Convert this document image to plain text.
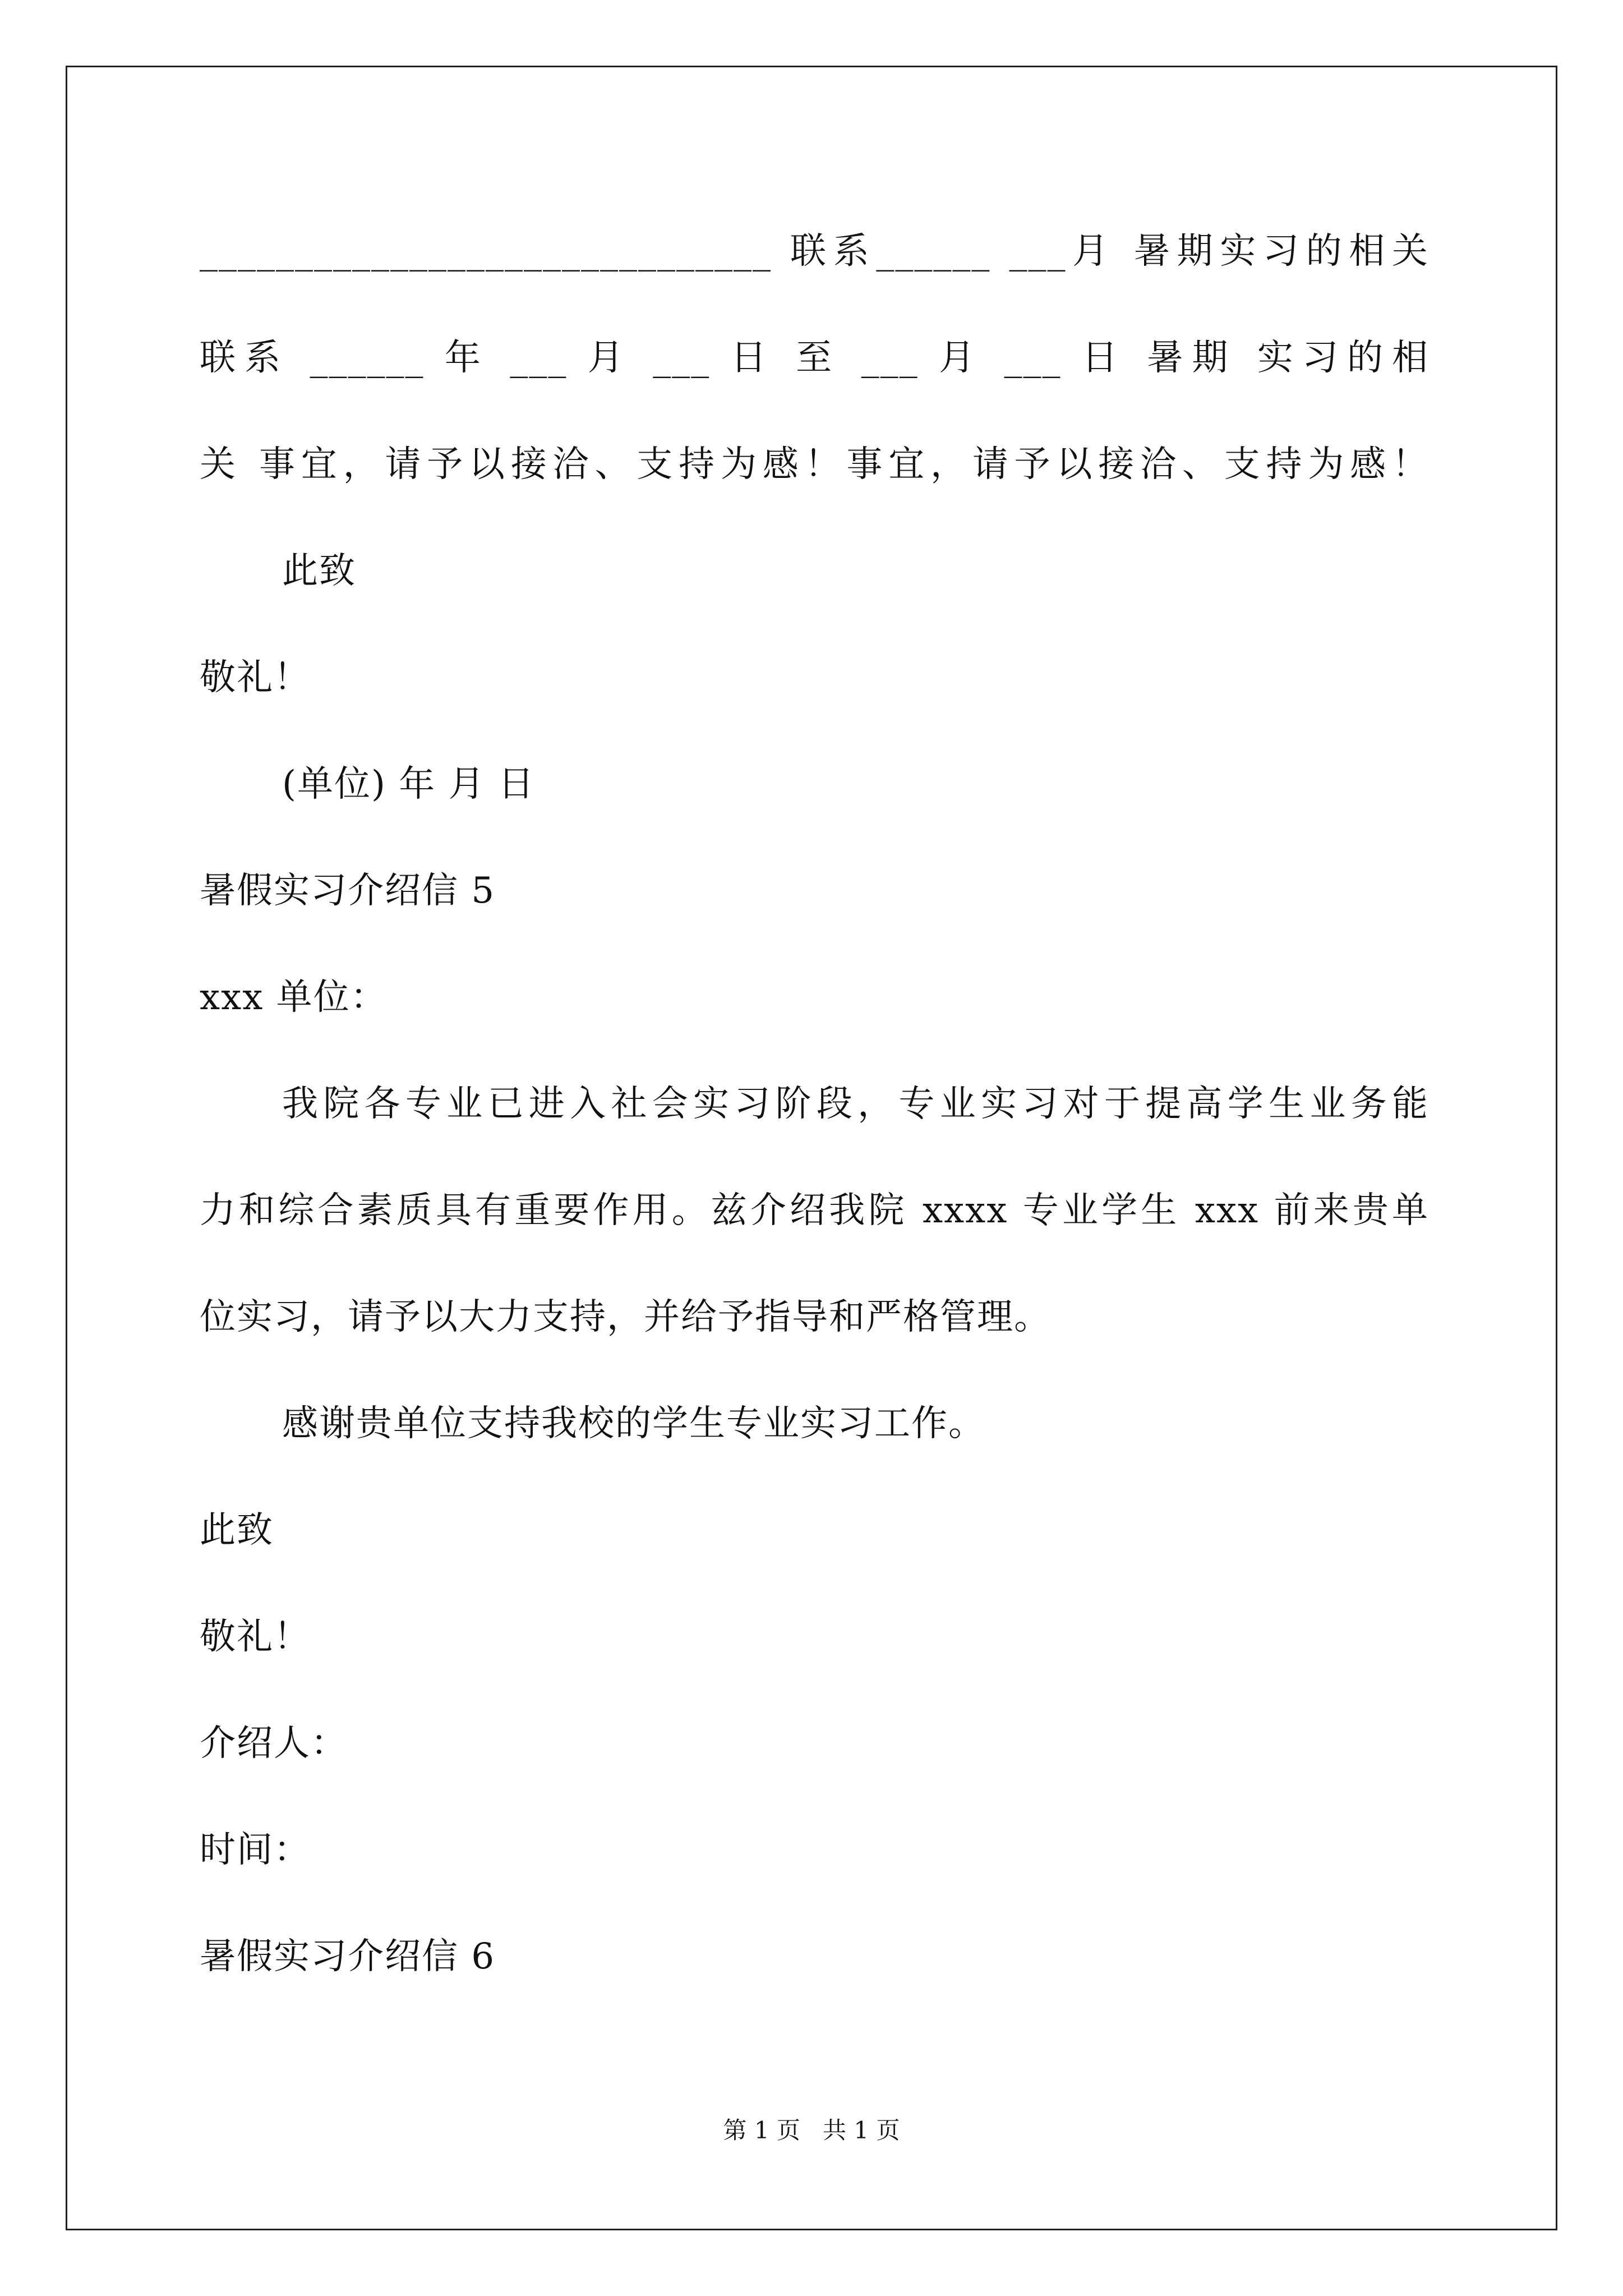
______________________________ 联系______ ___月 暑期实习的相关
联系 ______ 年 ___ 月 ___ 日 至 ___ 月 ___ 日 暑期 实习的相
关 事宜，请予以接洽、支持为感！事宜，请予以接洽、支持为感！
此致
敬礼！
(单位) 年 月 日
暑假实习介绍信 5
xxx 单位：
我院各专业已进入社会实习阶段，专业实习对于提高学生业务能
力和综合素质具有重要作用。兹介绍我院 xxxx 专业学生 xxx 前来贵单
位实习，请予以大力支持，并给予指导和严格管理。
感谢贵单位支持我校的学生专业实习工作。
此致
敬礼！
介绍人：
时间：
暑假实习介绍信 6
第 1 页   共 1 页
